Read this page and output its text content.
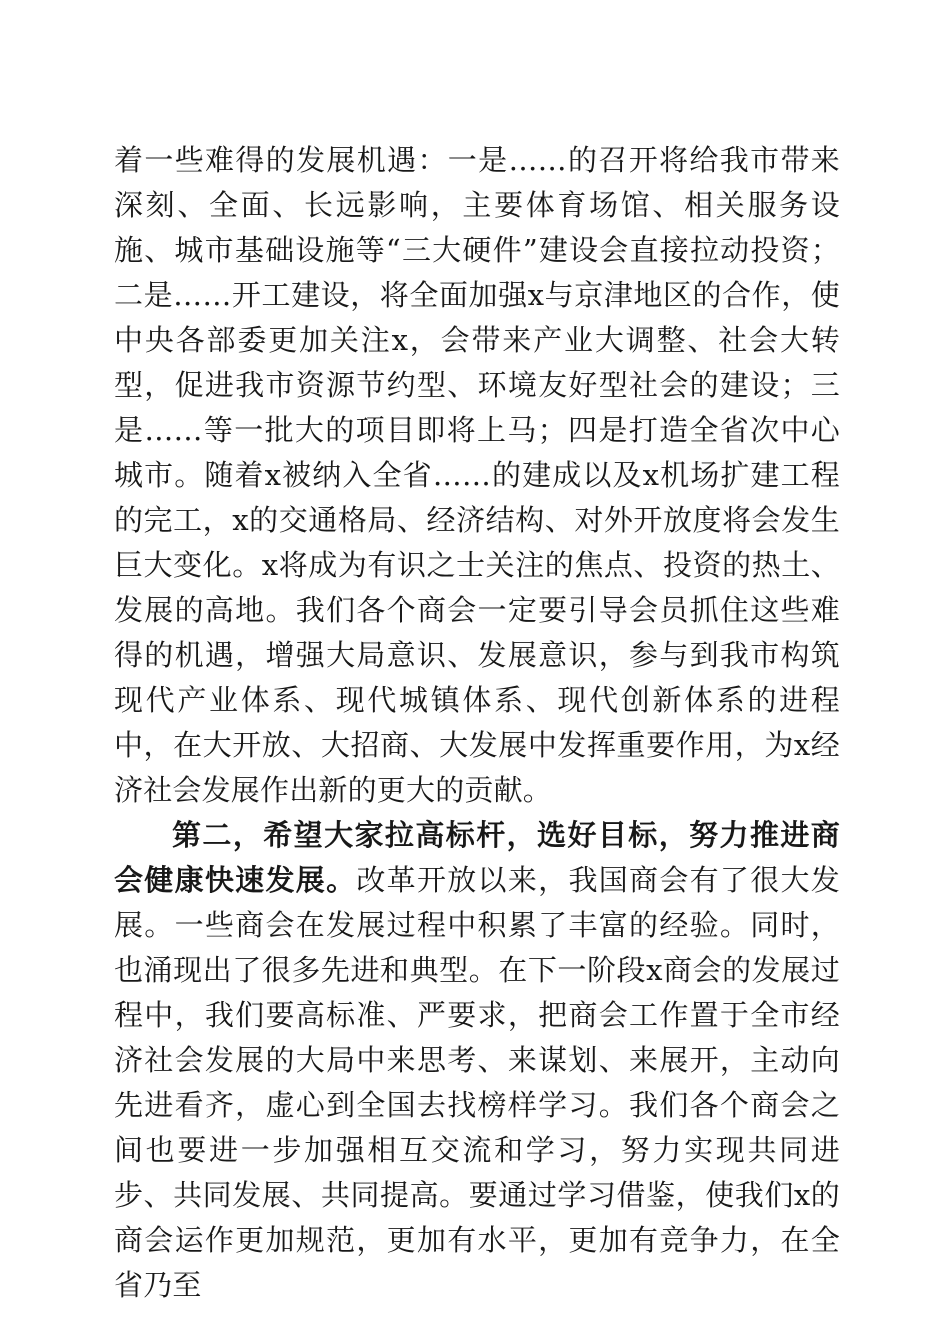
着一些难得的发展机遇：一是……的召开将给我市带来深刻、全面、长远影响，主要体育场馆、相关服务设施、城市基础设施等“三大硬件”建设会直接拉动投资；二是……开工建设，将全面加强x与京津地区的合作，使中央各部委更加关注x，会带来产业大调整、社会大转型，促进我市资源节约型、环境友好型社会的建设；三是……等一批大的项目即将上马；四是打造全省次中心城市。随着x被纳入全省……的建成以及x机场扩建工程的完工，x的交通格局、经济结构、对外开放度将会发生巨大变化。x将成为有识之士关注的焦点、投资的热土、发展的高地。我们各个商会一定要引导会员抓住这些难得的机遇，增强大局意识、发展意识，参与到我市构筑现代产业体系、现代城镇体系、现代创新体系的进程中，在大开放、大招商、大发展中发挥重要作用，为x经济社会发展作出新的更大的贡献。

第二，希望大家拉高标杆，选好目标，努力推进商会健康快速发展。改革开放以来，我国商会有了很大发展。一些商会在发展过程中积累了丰富的经验。同时，也涌现出了很多先进和典型。在下一阶段x商会的发展过程中，我们要高标准、严要求，把商会工作置于全市经济社会发展的大局中来思考、来谋划、来展开，主动向先进看齐，虚心到全国去找榜样学习。我们各个商会之间也要进一步加强相互交流和学习，努力实现共同进步、共同发展、共同提高。要通过学习借鉴，使我们x的商会运作更加规范，更加有水平，更加有竞争力，在全省乃至
